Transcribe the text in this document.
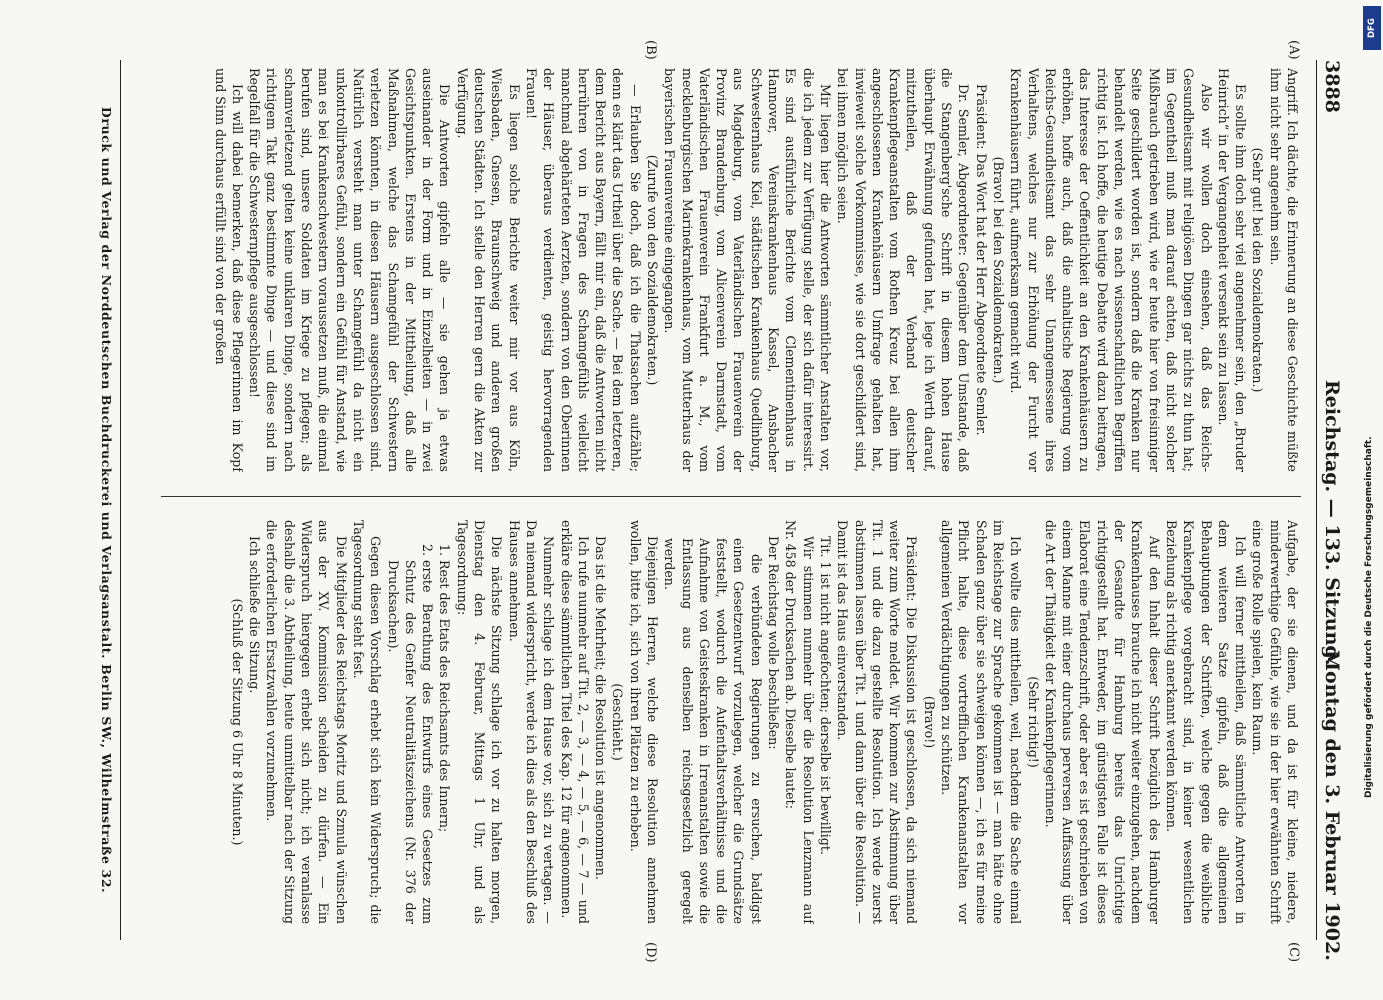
3888
Reichstag. — 133. Sitzung.
Montag den 3. Februar 1902.
(A)
(B)
(C)
(D)

Angriff. Ich dächte, die Erinnerung an diese Geschichte müßte ihm nicht sehr angenehm sein.

(Sehr gut! bei den Sozialdemokraten.)

Es sollte ihm doch sehr viel angenehmer sein, den „Bruder Heinrich“ in der Vergangenheit versenkt sein zu lassen.

Also wir wollen doch einsehen, daß das Reichs-Gesundheitsamt mit religiösen Dingen gar nichts zu thun hat; im Gegentheil muß man darauf achten, daß nicht solcher Mißbrauch getrieben wird, wie er heute hier von freisinniger Seite geschildert worden ist, sondern daß die Kranken nur behandelt werden, wie es nach wissenschaftlichen Begriffen richtig ist. Ich hoffe, die heutige Debatte wird dazu beitragen, das Interesse der Oeffentlichkeit an den Krankenhäusern zu erhöhen, hoffe auch, daß die anhaltische Regierung vom Reichs-Gesundheitsamt das sehr Unangemessene ihres Verhaltens, welches nur zur Erhöhung der Furcht vor Krankenhäusern führt, aufmerksam gemacht wird.

(Bravo! bei den Sozialdemokraten.)

Präsident: Das Wort hat der Herr Abgeordnete Semler.

Dr. Semler, Abgeordneter: Gegenüber dem Umstande, daß die Stangenberg'sche Schrift in diesem hohen Hause überhaupt Erwähnung gefunden hat, lege ich Werth darauf, mitzutheilen, daß der Verband deutscher Krankenpflegeanstalten vom Rothen Kreuz bei allen ihm angeschlossenen Krankenhäusern Umfrage gehalten hat, inwieweit solche Vorkommnisse, wie sie dort geschildert sind, bei ihnen möglich seien.

Mir liegen hier die Antworten sämmtlicher Anstalten vor, die ich jedem zur Verfügung stelle, der sich dafür interessirt. Es sind ausführliche Berichte vom Clementinenhaus in Hannover, Vereinskrankenhaus Kassel, Ansbacher Schwesternhaus Kiel, städtischen Krankenhaus Quedlinburg, aus Magdeburg, vom Vaterländischen Frauenverein der Provinz Brandenburg, vom Alicenverein Darmstadt, vom Vaterländischen Frauenverein Frankfurt a. M., vom mecklenburgischen Marinekrankenhaus, vom Mutterhaus der bayerischen Frauenvereine eingegangen.

(Zurufe von den Sozialdemokraten.)

— Erlauben Sie doch, daß ich die Thatsachen aufzähle; denn es klärt das Urtheil über die Sache. — Bei dem letzteren, dem Bericht aus Bayern, fällt mir ein, daß die Antworten nicht herrühren von in Fragen des Schamgefühls vielleicht manchmal abgehärteten Aerzten, sondern von den Oberinnen der Häuser, überaus verdienten, geistig hervorragenden Frauen!

Es liegen solche Berichte weiter mir vor aus Köln, Wiesbaden, Gnesen, Braunschweig und anderen großen deutschen Städten. Ich stelle den Herren gern die Akten zur Verfügung.

Die Antworten gipfeln alle — sie gehen ja etwas auseinander in der Form und in Einzelheiten — in zwei Gesichtspunkten. Erstens in der Mittheilung, daß alle Maßnahmen, welche das Schamgefühl der Schwestern verletzen könnten, in diesen Häusern ausgeschlossen sind. Natürlich versteht man unter Schamgefühl da nicht ein unkontrollirbares Gefühl, sondern ein Gefühl für Anstand, wie man es bei Krankenschwestern voraussetzen muß, die einmal berufen sind, unsere Soldaten im Kriege zu pflegen; als schamverletzend gelten keine unklaren Dinge, sondern nach richtigem Takt ganz bestimmte Dinge — und diese sind im Regelfall für die Schwesternpflege ausgeschlossen!

Ich will dabei bemerken, daß diese Pflegerinnen im Kopf und Sinn durchaus erfüllt sind von der großen

Aufgabe, der sie dienen, und da ist für kleine, niedere, minderwerthige Gefühle, wie sie in der hier erwähnten Schrift eine große Rolle spielen, kein Raum.

Ich will ferner mittheilen, daß sämmtliche Antworten in dem weiteren Satze gipfeln, daß die allgemeinen Behauptungen der Schriften, welche gegen die weibliche Krankenpflege vorgebracht sind, in keiner wesentlichen Beziehung als richtig anerkannt werden können.

Auf den Inhalt dieser Schrift bezüglich des Hamburger Krankenhauses brauche ich nicht weiter einzugehen, nachdem der Gesandte für Hamburg bereits das Unrichtige richtiggestellt hat. Entweder, im günstigsten Falle ist dieses Elaborat eine Tendenzschrift, oder aber es ist geschrieben von einem Manne mit einer durchaus perversen Auffassung über die Art der Thätigkeit der Krankenpflegerinnen.

(Sehr richtig!)

Ich wollte dies mittheilen, weil, nachdem die Sache einmal im Reichstage zur Sprache gekommen ist — man hätte ohne Schaden ganz über sie schweigen können —, ich es für meine Pflicht halte, diese vortrefflichen Krankenanstalten vor allgemeinen Verdächtigungen zu schützen.

(Bravo!)

Präsident: Die Diskussion ist geschlossen, da sich niemand weiter zum Worte meldet. Wir kommen zur Abstimmung über Tit. 1 und die dazu gestellte Resolution. Ich werde zuerst abstimmen lassen über Tit. 1 und dann über die Resolution. — Damit ist das Haus einverstanden.

Tit. 1 ist nicht angefochten; derselbe ist bewilligt.

Wir stimmen nunmehr über die Resolution Lenzmann auf Nr. 458 der Drucksachen ab. Dieselbe lautet:

Der Reichstag wolle beschließen:

die verbündeten Regierungen zu ersuchen, baldigst einen Gesetzentwurf vorzulegen, welcher die Grundsätze feststellt, wodurch die Aufenthaltsverhältnisse und die Aufnahme von Geisteskranken in Irrenanstalten sowie die Entlassung aus denselben reichsgesetzlich geregelt werden.

Diejenigen Herren, welche diese Resolution annehmen wollen, bitte ich, sich von ihren Plätzen zu erheben.

(Geschieht.)

Das ist die Mehrheit; die Resolution ist angenommen.

Ich rufe nunmehr auf Tit. 2, — 3, — 4, — 5, — 6, — 7 — und erkläre diese sämmtlichen Titel des Kap. 12 für angenommen.

Nunmehr schlage ich dem Hause vor, sich zu vertagen. — Da niemand widerspricht, werde ich dies als den Beschluß des Hauses annehmen.

Die nächste Sitzung schlage ich vor zu halten morgen, Dienstag den 4. Februar, Mittags 1 Uhr, und als Tagesordnung:

1. Rest des Etats des Reichsamts des Innern;
2. erste Berathung des Entwurfs eines Gesetzes zum Schutz des Genfer Neutralitätszeichens (Nr. 376 der Drucksachen).

Gegen diesen Vorschlag erhebt sich kein Widerspruch; die Tagesordnung steht fest.

Die Mitglieder des Reichstags Moritz und Szmula wünschen aus der XV. Kommission scheiden zu dürfen. — Ein Widerspruch hiergegen erhebt sich nicht; ich veranlasse deshalb die 3. Abtheilung, heute unmittelbar nach der Sitzung die erforderlichen Ersatzwahlen vorzunehmen.

Ich schließe die Sitzung.

(Schluß der Sitzung 6 Uhr 8 Minuten.)

Druck und Verlag der Norddeutschen Buchdruckerei und Verlagsanstalt. Berlin SW., Wilhelmstraße 32.
DFG
Digitalisierung gefördert durch die Deutsche Forschungsgemeinschaft.
